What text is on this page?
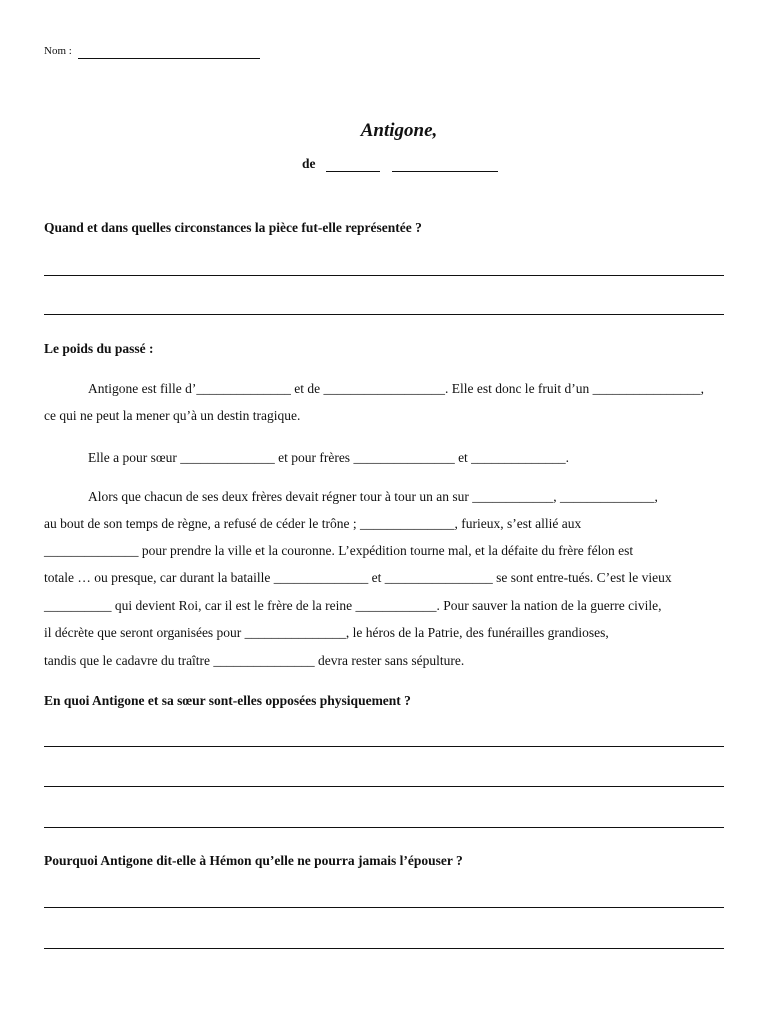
Nom :
Antigone,
de
Quand et dans quelles circonstances la pièce fut-elle représentée ?
Le poids du passé :
Antigone est fille d’______________ et de __________________. Elle est donc le fruit d’un ________________,
ce qui ne peut la mener qu’à un destin tragique.
Elle a pour sœur ______________ et pour frères _______________ et ______________.
Alors que chacun de ses deux frères devait régner tour à tour un an sur ____________, ______________,
au bout de son temps de règne, a refusé de céder le trône ; ______________, furieux, s’est allié aux
______________ pour prendre la ville et la couronne. L’expédition tourne mal, et la défaite du frère félon est
totale … ou presque, car durant la bataille ______________ et ________________ se sont entre-tués. C’est le vieux
__________ qui devient Roi, car il est le frère de la reine ____________. Pour sauver la nation de la guerre civile,
il décrète que seront organisées pour _______________, le héros de la Patrie, des funérailles grandioses,
tandis que le cadavre du traître _______________ devra rester sans sépulture.
En quoi Antigone et sa sœur sont-elles opposées physiquement ?
Pourquoi Antigone dit-elle à Hémon qu’elle ne pourra jamais l’épouser ?
